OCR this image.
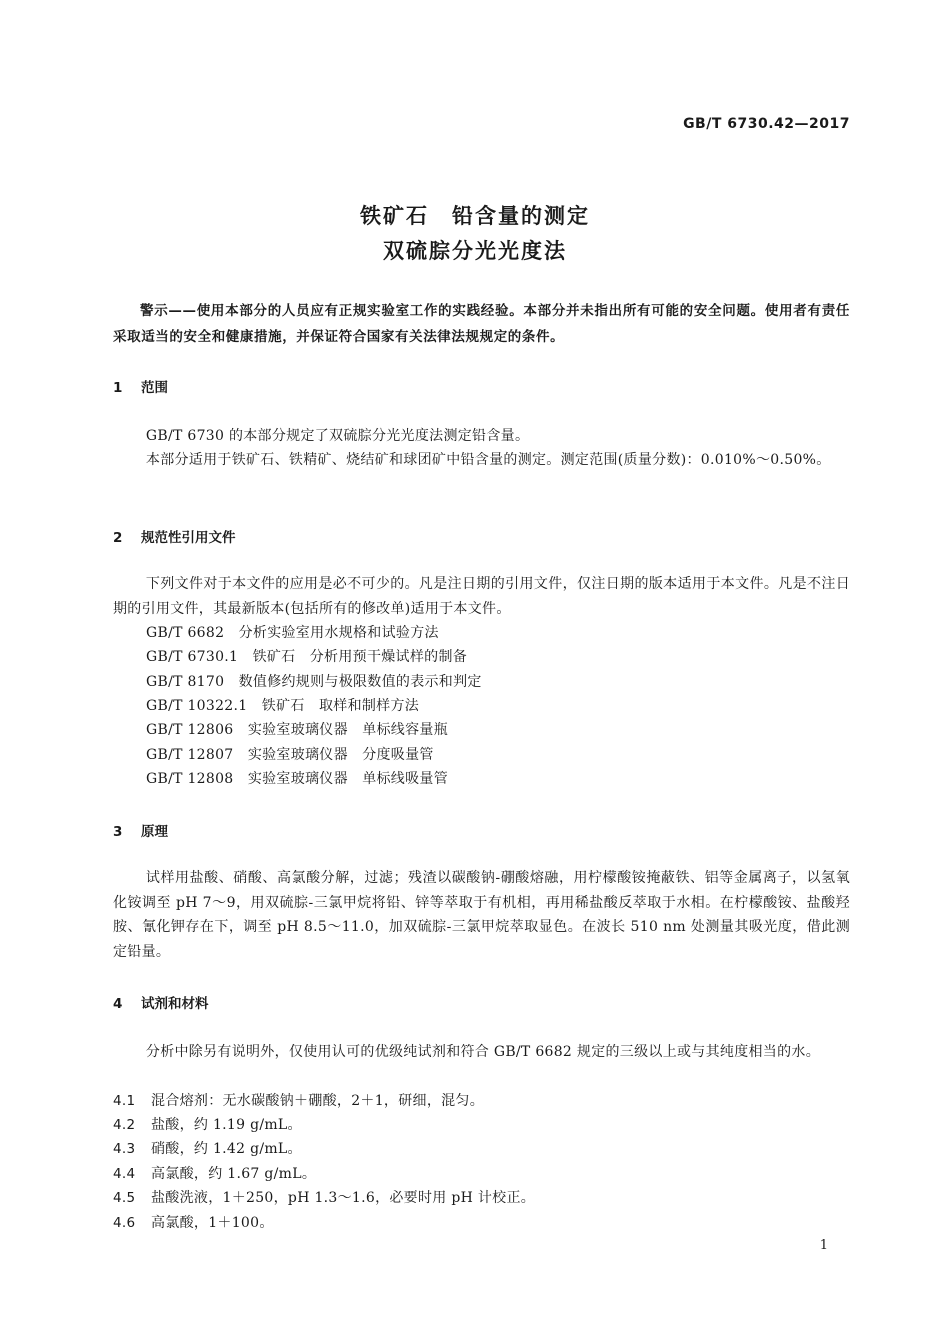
GB/T 6730.42—2017
铁矿石　铅含量的测定
双硫腙分光光度法
警示——使用本部分的人员应有正规实验室工作的实践经验。本部分并未指出所有可能的安全问题。使用者有责任采取适当的安全和健康措施，并保证符合国家有关法律法规规定的条件。
1 范围
GB/T 6730 的本部分规定了双硫腙分光光度法测定铅含量。
本部分适用于铁矿石、铁精矿、烧结矿和球团矿中铅含量的测定。测定范围(质量分数)：0.010%～0.50%。
2 规范性引用文件
下列文件对于本文件的应用是必不可少的。凡是注日期的引用文件，仅注日期的版本适用于本文件。凡是不注日期的引用文件，其最新版本(包括所有的修改单)适用于本文件。
GB/T 6682　分析实验室用水规格和试验方法
GB/T 6730.1　铁矿石　分析用预干燥试样的制备
GB/T 8170　数值修约规则与极限数值的表示和判定
GB/T 10322.1　铁矿石　取样和制样方法
GB/T 12806　实验室玻璃仪器　单标线容量瓶
GB/T 12807　实验室玻璃仪器　分度吸量管
GB/T 12808　实验室玻璃仪器　单标线吸量管
3 原理
试样用盐酸、硝酸、高氯酸分解，过滤；残渣以碳酸钠-硼酸熔融，用柠檬酸铵掩蔽铁、铝等金属离子，以氢氧化铵调至 pH 7～9，用双硫腙-三氯甲烷将铅、锌等萃取于有机相，再用稀盐酸反萃取于水相。在柠檬酸铵、盐酸羟胺、氰化钾存在下，调至 pH 8.5～11.0，加双硫腙-三氯甲烷萃取显色。在波长 510 nm 处测量其吸光度，借此测定铅量。
4 试剂和材料
分析中除另有说明外，仅使用认可的优级纯试剂和符合 GB/T 6682 规定的三级以上或与其纯度相当的水。
4.1 混合熔剂：无水碳酸钠＋硼酸，2＋1，研细，混匀。
4.2 盐酸，约 1.19 g/mL。
4.3 硝酸，约 1.42 g/mL。
4.4 高氯酸，约 1.67 g/mL。
4.5 盐酸洗液，1＋250，pH 1.3～1.6，必要时用 pH 计校正。
4.6 高氯酸，1＋100。
1
